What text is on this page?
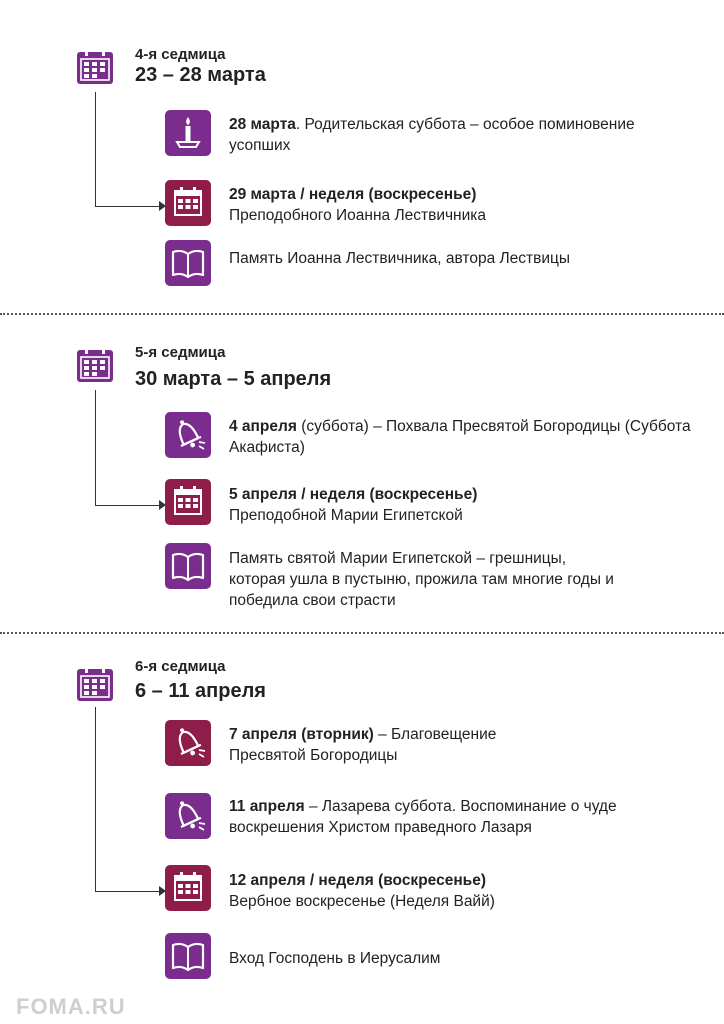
4-я седмица
23 – 28 марта
28 марта. Родительская суббота – особое поминовение усопших
29 марта / неделя (воскресенье)
Преподобного Иоанна Лествичника
Память Иоанна Лествичника, автора Лествицы
5-я седмица
30 марта – 5 апреля
4 апреля (суббота) – Похвала Пресвятой Богородицы (Суббота Акафиста)
5 апреля / неделя (воскресенье)
Преподобной Марии Египетской
Память святой Марии Египетской – грешницы, которая ушла в пустыню, прожила там многие годы и победила свои страсти
6-я седмица
6 – 11 апреля
7 апреля (вторник) – Благовещение Пресвятой Богородицы
11 апреля – Лазарева суббота. Воспоминание о чуде воскрешения Христом праведного Лазаря
12 апреля / неделя (воскресенье)
Вербное воскресенье (Неделя Вайй)
Вход Господень в Иерусалим
FOMA.RU
